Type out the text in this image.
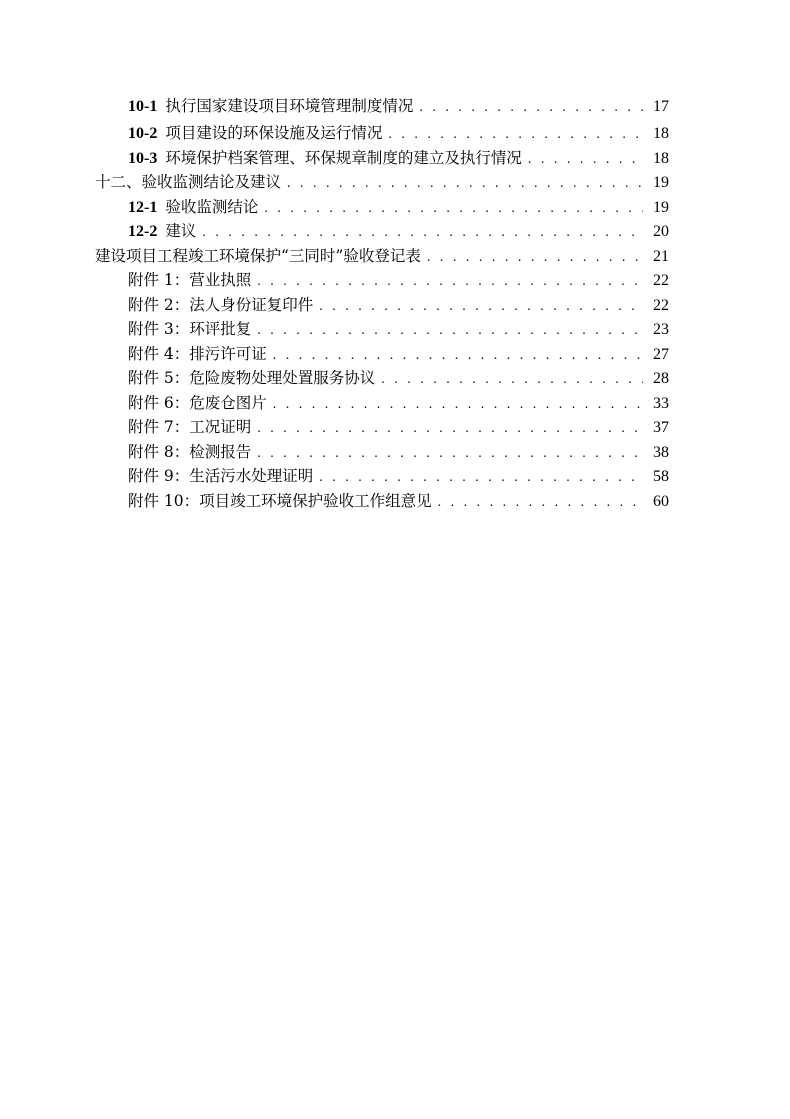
10-1 执行国家建设项目环境管理制度情况 . . .	17
10-2 项目建设的环保设施及运行情况 . . .	18
10-3 环境保护档案管理、环保规章制度的建立及执行情况 . . .	18
十二、验收监测结论及建议 . . .	19
12-1 验收监测结论 . . .	19
12-2 建议 . . .	20
建设项目工程竣工环境保护“三同时”验收登记表 . . .	21
附件 1：营业执照 . . .	22
附件 2：法人身份证复印件 . . .	22
附件 3：环评批复 . . .	23
附件 4：排污许可证 . . .	27
附件 5：危险废物处理处置服务协议 . . .	28
附件 6：危废仓图片 . . .	33
附件 7：工况证明 . . .	37
附件 8：检测报告 . . .	38
附件 9：生活污水处理证明 . . .	58
附件 10：项目竣工环境保护验收工作组意见 . . .	60
